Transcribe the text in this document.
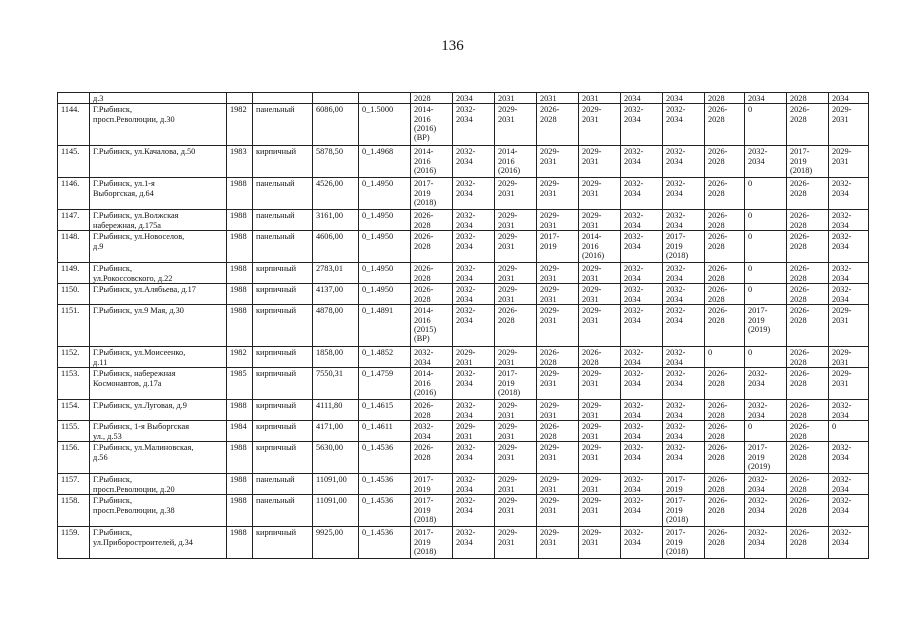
136
	д.3					2028	2034	2031	2031	2031	2034	2034	2028	2034	2028	2034
1144.	Г.Рыбинск,
просп.Революции, д.30	1982	панельный	6086,00	0_1.5000	2014-
2016
(2016)
(ВР)	2032-
2034	2029-
2031	2026-
2028	2029-
2031	2032-
2034	2032-
2034	2026-
2028	0	2026-
2028	2029-
2031
1145.	Г.Рыбинск, ул.Качалова, д.50	1983	кирпичный	5878,50	0_1.4968	2014-
2016
(2016)	2032-
2034	2014-
2016
(2016)	2029-
2031	2029-
2031	2032-
2034	2032-
2034	2026-
2028	2032-
2034	2017-
2019
(2018)	2029-
2031
1146.	Г.Рыбинск, ул.1-я
Выборгская, д.64	1988	панельный	4526,00	0_1.4950	2017-
2019
(2018)	2032-
2034	2029-
2031	2029-
2031	2029-
2031	2032-
2034	2032-
2034	2026-
2028	0	2026-
2028	2032-
2034
1147.	Г.Рыбинск, ул.Волжская
набережная, д.175а	1988	панельный	3161,00	0_1.4950	2026-
2028	2032-
2034	2029-
2031	2029-
2031	2029-
2031	2032-
2034	2032-
2034	2026-
2028	0	2026-
2028	2032-
2034
1148.	Г.Рыбинск, ул.Новоселов,
д.9	1988	панельный	4606,00	0_1.4950	2026-
2028	2032-
2034	2029-
2031	2017-
2019	2014-
2016
(2016)	2032-
2034	2017-
2019
(2018)	2026-
2028	0	2026-
2028	2032-
2034
1149.	Г.Рыбинск,
ул.Рокоссовского, д.22	1988	кирпичный	2783,01	0_1.4950	2026-
2028	2032-
2034	2029-
2031	2029-
2031	2029-
2031	2032-
2034	2032-
2034	2026-
2028	0	2026-
2028	2032-
2034
1150.	Г.Рыбинск, ул.Алябьева, д.17	1988	кирпичный	4137,00	0_1.4950	2026-
2028	2032-
2034	2029-
2031	2029-
2031	2029-
2031	2032-
2034	2032-
2034	2026-
2028	0	2026-
2028	2032-
2034
1151.	Г.Рыбинск, ул.9 Мая, д.30	1988	кирпичный	4878,00	0_1.4891	2014-
2016
(2015)
(ВР)	2032-
2034	2026-
2028	2029-
2031	2029-
2031	2032-
2034	2032-
2034	2026-
2028	2017-
2019
(2019)	2026-
2028	2029-
2031
1152.	Г.Рыбинск, ул.Моисеенко,
д.11	1982	кирпичный	1858,00	0_1.4852	2032-
2034	2029-
2031	2029-
2031	2026-
2028	2026-
2028	2032-
2034	2032-
2034	0	0	2026-
2028	2029-
2031
1153.	Г.Рыбинск, набережная
Космонавтов, д.17а	1985	кирпичный	7550,31	0_1.4759	2014-
2016
(2016)	2032-
2034	2017-
2019
(2018)	2029-
2031	2029-
2031	2032-
2034	2032-
2034	2026-
2028	2032-
2034	2026-
2028	2029-
2031
1154.	Г.Рыбинск, ул.Луговая, д.9	1988	кирпичный	4111,80	0_1.4615	2026-
2028	2032-
2034	2029-
2031	2029-
2031	2029-
2031	2032-
2034	2032-
2034	2026-
2028	2032-
2034	2026-
2028	2032-
2034
1155.	Г.Рыбинск, 1-я Выборгская
ул., д.53	1984	кирпичный	4171,00	0_1.4611	2032-
2034	2029-
2031	2029-
2031	2026-
2028	2029-
2031	2032-
2034	2032-
2034	2026-
2028	0	2026-
2028	0
1156.	Г.Рыбинск, ул.Малиновская,
д.56	1988	кирпичный	5630,00	0_1.4536	2026-
2028	2032-
2034	2029-
2031	2029-
2031	2029-
2031	2032-
2034	2032-
2034	2026-
2028	2017-
2019
(2019)	2026-
2028	2032-
2034
1157.	Г.Рыбинск,
просп.Революции, д.20	1988	панельный	11091,00	0_1.4536	2017-
2019	2032-
2034	2029-
2031	2029-
2031	2029-
2031	2032-
2034	2017-
2019	2026-
2028	2032-
2034	2026-
2028	2032-
2034
1158.	Г.Рыбинск,
просп.Революции, д.38	1988	панельный	11091,00	0_1.4536	2017-
2019
(2018)	2032-
2034	2029-
2031	2029-
2031	2029-
2031	2032-
2034	2017-
2019
(2018)	2026-
2028	2032-
2034	2026-
2028	2032-
2034
1159.	Г.Рыбинск,
ул.Приборостроителей, д.34	1988	кирпичный	9925,00	0_1.4536	2017-
2019
(2018)	2032-
2034	2029-
2031	2029-
2031	2029-
2031	2032-
2034	2017-
2019
(2018)	2026-
2028	2032-
2034	2026-
2028	2032-
2034
